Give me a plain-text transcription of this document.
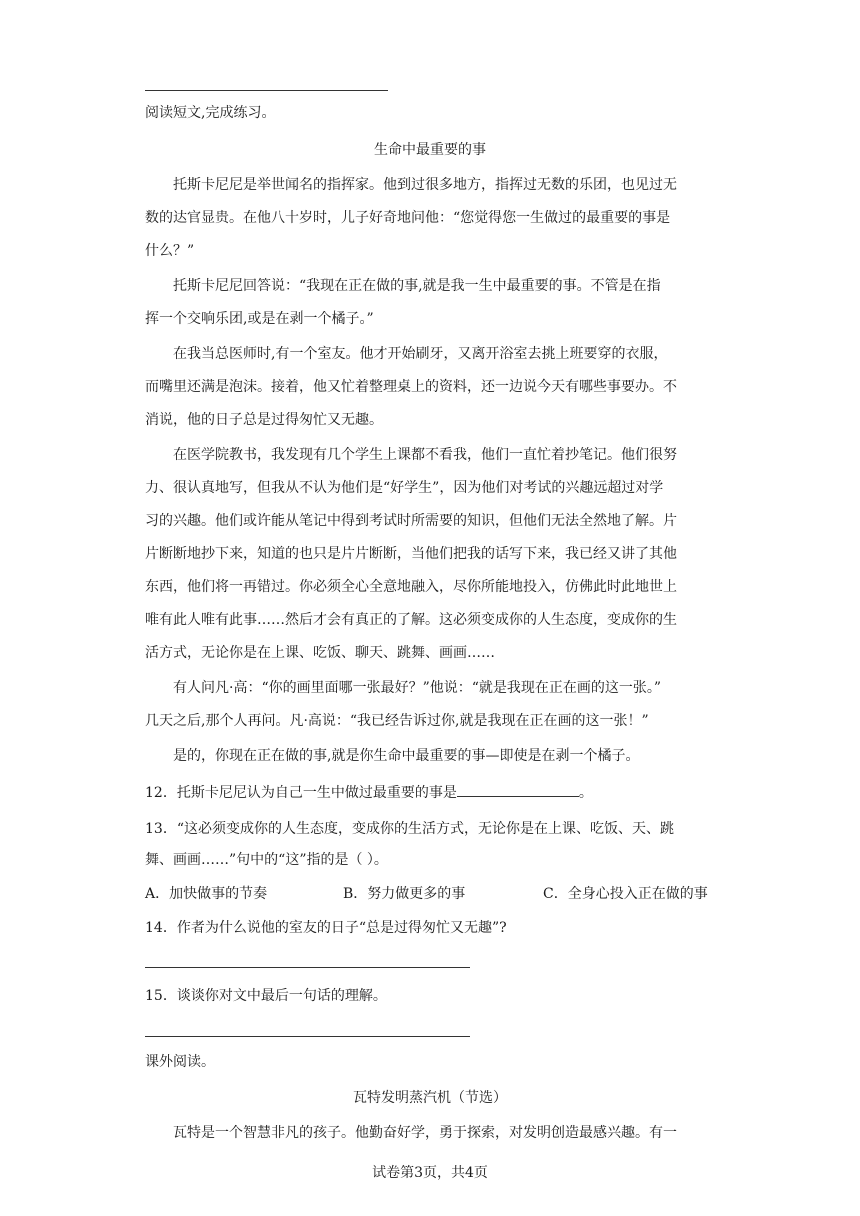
阅读短文,完成练习。
生命中最重要的事
托斯卡尼尼是举世闻名的指挥家。他到过很多地方，指挥过无数的乐团，也见过无
数的达官显贵。在他八十岁时，儿子好奇地问他：“您觉得您一生做过的最重要的事是
什么？”
托斯卡尼尼回答说：“我现在正在做的事,就是我一生中最重要的事。不管是在指
挥一个交响乐团,或是在剥一个橘子。”
在我当总医师时,有一个室友。他才开始刷牙，又离开浴室去挑上班要穿的衣服，
而嘴里还满是泡沫。接着，他又忙着整理桌上的资料，还一边说今天有哪些事要办。不
消说，他的日子总是过得匆忙又无趣。
在医学院教书，我发现有几个学生上课都不看我，他们一直忙着抄笔记。他们很努
力、很认真地写，但我从不认为他们是“好学生”，因为他们对考试的兴趣远超过对学
习的兴趣。他们或许能从笔记中得到考试时所需要的知识，但他们无法全然地了解。片
片断断地抄下来，知道的也只是片片断断，当他们把我的话写下来，我已经又讲了其他
东西，他们将一再错过。你必须全心全意地融入，尽你所能地投入，仿佛此时此地世上
唯有此人唯有此事……然后才会有真正的了解。这必须变成你的人生态度，变成你的生
活方式，无论你是在上课、吃饭、聊天、跳舞、画画……
有人问凡·高：“你的画里面哪一张最好？”他说：“就是我现在正在画的这一张。”
几天之后,那个人再问。凡·高说：“我已经告诉过你,就是我现在正在画的这一张！”
是的，你现在正在做的事,就是你生命中最重要的事—即使是在剥一个橘子。
12．托斯卡尼尼认为自己一生中做过最重要的事是	。
13．“这必须变成你的人生态度，变成你的生活方式，无论你是在上课、吃饭、天、跳
舞、画画……”句中的“这”指的是（ ）。
A．加快做事的节奏	B．努力做更多的事	C．全身心投入正在做的事
14．作者为什么说他的室友的日子“总是过得匆忙又无趣”?
15．谈谈你对文中最后一句话的理解。
课外阅读。
瓦特发明蒸汽机（节选）
瓦特是一个智慧非凡的孩子。他勤奋好学，勇于探索，对发明创造最感兴趣。有一
试卷第3页，共4页
